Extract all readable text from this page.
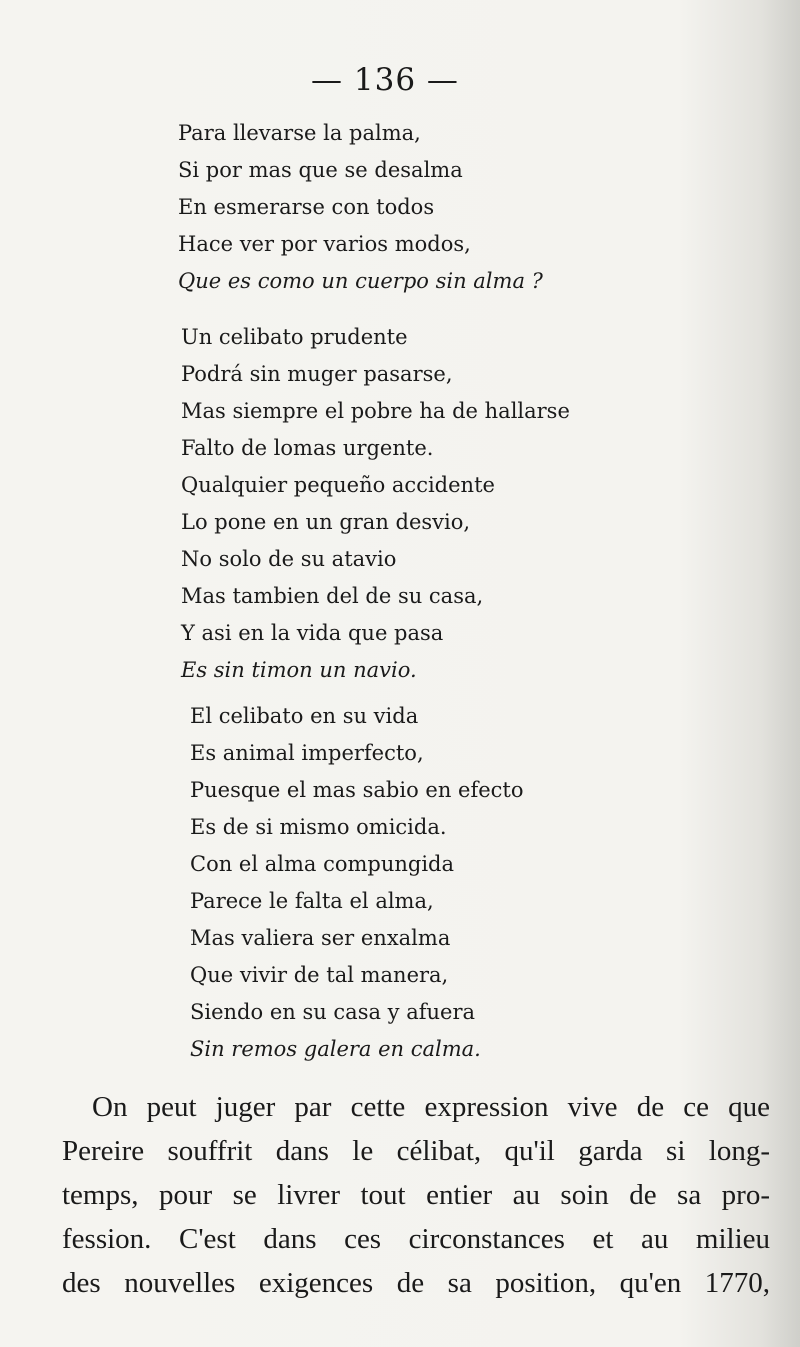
— 136 —
Para llevarse la palma,
Si por mas que se desalma
En esmerarse con todos
Hace ver por varios modos,
Que es como un cuerpo sin alma ?
Un celibato prudente
Podrá sin muger pasarse,
Mas siempre el pobre ha de hallarse
Falto de lomas urgente.
Qualquier pequeño accidente
Lo pone en un gran desvio,
No solo de su atavio
Mas tambien del de su casa,
Y asi en la vida que pasa
Es sin timon un navio.
El celibato en su vida
Es animal imperfecto,
Puesque el mas sabio en efecto
Es de si mismo omicida.
Con el alma compungida
Parece le falta el alma,
Mas valiera ser enxalma
Que vivir de tal manera,
Siendo en su casa y afuera
Sin remos galera en calma.
On peut juger par cette expression vive de ce que
Pereire souffrit dans le célibat, qu'il garda si long-
temps, pour se livrer tout entier au soin de sa pro-
fession. C'est dans ces circonstances et au milieu
des nouvelles exigences de sa position, qu'en 1770,
